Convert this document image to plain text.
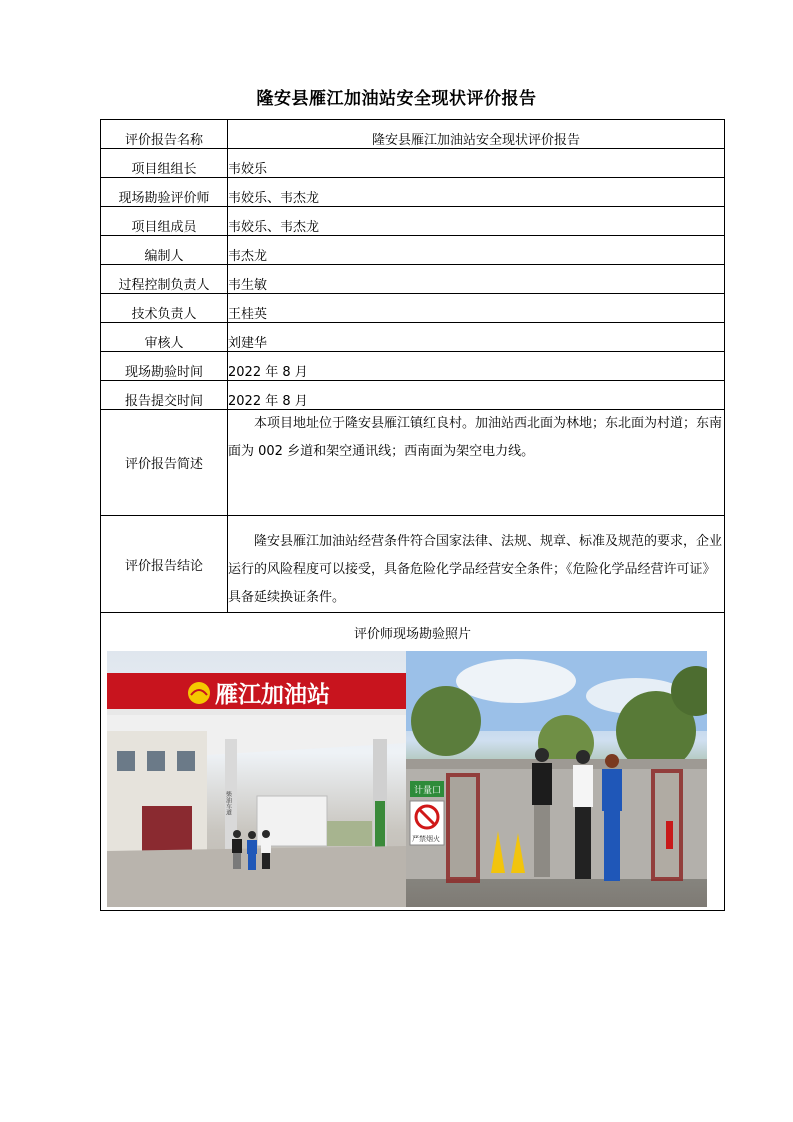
隆安县雁江加油站安全现状评价报告
评价报告名称	隆安县雁江加油站安全现状评价报告
项目组组长	韦姣乐
现场勘验评价师	韦姣乐、韦杰龙
项目组成员	韦姣乐、韦杰龙
编制人	韦杰龙
过程控制负责人	韦生敏
技术负责人	王桂英
审核人	刘建华
现场勘验时间	2022 年 8 月
报告提交时间	2022 年 8 月
评价报告简述	本项目地址位于隆安县雁江镇红良村。加油站西北面为林地；东北面为村道；东南面为 002 乡道和架空通讯线；西南面为架空电力线。

评价报告结论	隆安县雁江加油站经营条件符合国家法律、法规、规章、标准及规范的要求，企业运行的风险程度可以接受，具备危险化学品经营安全条件；《危险化学品经营许可证》具备延续换证条件。

评价师现场勘验照片
雁江加油站
柴油车道 计量口
严禁烟火	
